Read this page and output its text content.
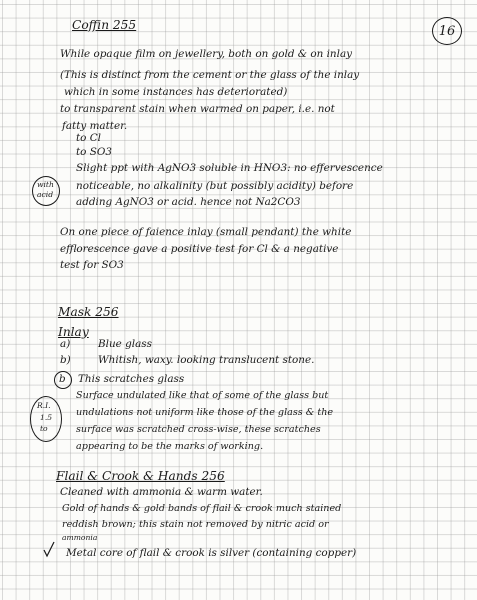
16
Coffin 255
While opaque film on jewellery, both on gold & on inlay
(This is distinct from the cement or the glass of the inlay
which in some instances has deteriorated)
to transparent stain when warmed on paper, i.e. not
fatty matter.
to Cl
to SO3
Slight ppt with AgNO3 soluble in HNO3: no effervescence
noticeable, no alkalinity (but possibly acidity) before
adding AgNO3 or acid. hence not Na2CO3
with
acid
On one piece of faience inlay (small pendant) the white
efflorescence gave a positive test for Cl & a negative
test for SO3
Mask 256
Inlay
a)	Blue glass
b)	Whitish, waxy. looking translucent stone.
b This scratches glass
Surface undulated like that of some of the glass but
undulations not uniform like those of the glass & the
surface was scratched cross-wise, these scratches
appearing to be the marks of working.
R.I.
1.5
to
Flail & Crook & Hands 256
Cleaned with ammonia & warm water.
Gold of hands & gold bands of flail & crook much stained
reddish brown; this stain not removed by nitric acid or
ammonia
Metal core of flail & crook is silver (containing copper)
